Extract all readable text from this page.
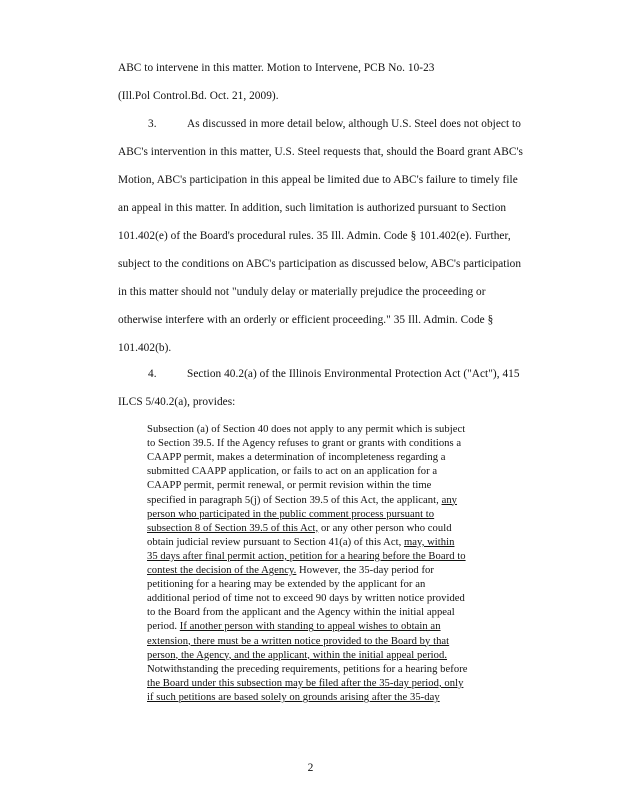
ABC to intervene in this matter. Motion to Intervene, PCB No. 10-23
(Ill.Pol Control.Bd. Oct. 21, 2009).
3.	As discussed in more detail below, although U.S. Steel does not object to
ABC's intervention in this matter, U.S. Steel requests that, should the Board grant ABC's
Motion, ABC's participation in this appeal be limited due to ABC's failure to timely file
an appeal in this matter. In addition, such limitation is authorized pursuant to Section
101.402(e) of the Board's procedural rules. 35 Ill. Admin. Code § 101.402(e). Further,
subject to the conditions on ABC's participation as discussed below, ABC's participation
in this matter should not "unduly delay or materially prejudice the proceeding or
otherwise interfere with an orderly or efficient proceeding." 35 Ill. Admin. Code §
101.402(b).
4.	Section 40.2(a) of the Illinois Environmental Protection Act ("Act"), 415
ILCS 5/40.2(a), provides:
Subsection (a) of Section 40 does not apply to any permit which is subject
to Section 39.5. If the Agency refuses to grant or grants with conditions a
CAAPP permit, makes a determination of incompleteness regarding a
submitted CAAPP application, or fails to act on an application for a
CAAPP permit, permit renewal, or permit revision within the time
specified in paragraph 5(j) of Section 39.5 of this Act, the applicant, any
person who participated in the public comment process pursuant to
subsection 8 of Section 39.5 of this Act, or any other person who could
obtain judicial review pursuant to Section 41(a) of this Act, may, within
35 days after final permit action, petition for a hearing before the Board to
contest the decision of the Agency. However, the 35-day period for
petitioning for a hearing may be extended by the applicant for an
additional period of time not to exceed 90 days by written notice provided
to the Board from the applicant and the Agency within the initial appeal
period. If another person with standing to appeal wishes to obtain an
extension, there must be a written notice provided to the Board by that
person, the Agency, and the applicant, within the initial appeal period.
Notwithstanding the preceding requirements, petitions for a hearing before
the Board under this subsection may be filed after the 35-day period, only
if such petitions are based solely on grounds arising after the 35-day
2
